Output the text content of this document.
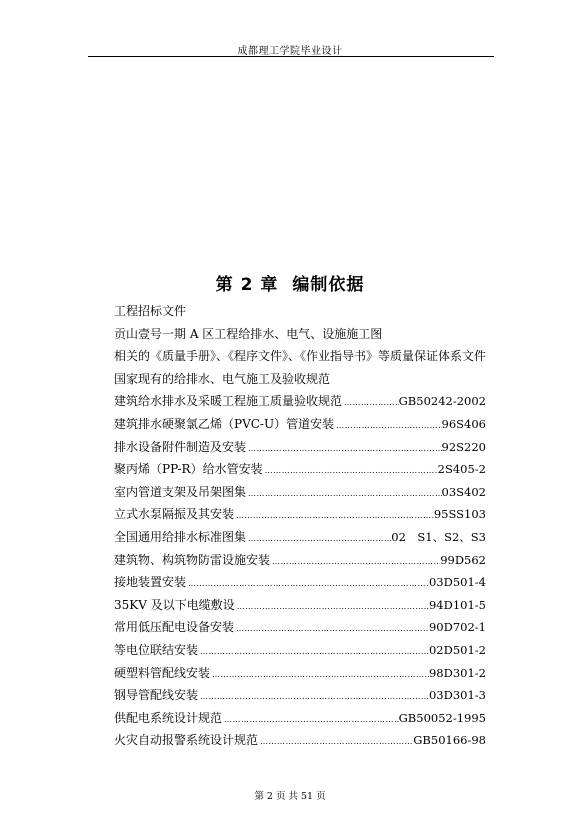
成都理工学院毕业设计
第 2 章 编制依据
工程招标文件
贡山壹号一期 A 区工程给排水、电气、设施施工图
相关的《质量手册》、《程序文件》、《作业指导书》等质量保证体系文件
国家现有的给排水、电气施工及验收规范
建筑给水排水及采暖工程施工质量验收规范 ……………………………………………………………………………………………………………………………………………………………………	GB50242-2002
建筑排水硬聚氯乙烯（PVC-U）管道安装 ……………………………………………………………………………………………………………………………………………………………………	96S406
排水设备附件制造及安装 ……………………………………………………………………………………………………………………………………………………………………	92S220
聚丙烯（PP-R）给水管安装 ……………………………………………………………………………………………………………………………………………………………………	2S405-2
室内管道支架及吊架图集 ……………………………………………………………………………………………………………………………………………………………………	03S402
立式水泵隔振及其安装 ……………………………………………………………………………………………………………………………………………………………………	95SS103
全国通用给排水标准图集 ……………………………………………………………………………………………………………………………………………………………………	02　S1、S2、S3
建筑物、构筑物防雷设施安装 ……………………………………………………………………………………………………………………………………………………………………	99D562
接地装置安装 ……………………………………………………………………………………………………………………………………………………………………	03D501-4
35KV 及以下电缆敷设 ……………………………………………………………………………………………………………………………………………………………………	94D101-5
常用低压配电设备安装 ……………………………………………………………………………………………………………………………………………………………………	90D702-1
等电位联结安装 ……………………………………………………………………………………………………………………………………………………………………	02D501-2
硬塑料管配线安装 ……………………………………………………………………………………………………………………………………………………………………	98D301-2
钢导管配线安装 ……………………………………………………………………………………………………………………………………………………………………	03D301-3
供配电系统设计规范 ……………………………………………………………………………………………………………………………………………………………………	GB50052-1995
火灾自动报警系统设计规范 ……………………………………………………………………………………………………………………………………………………………………	GB50166-98
第 2 页 共 51 页
